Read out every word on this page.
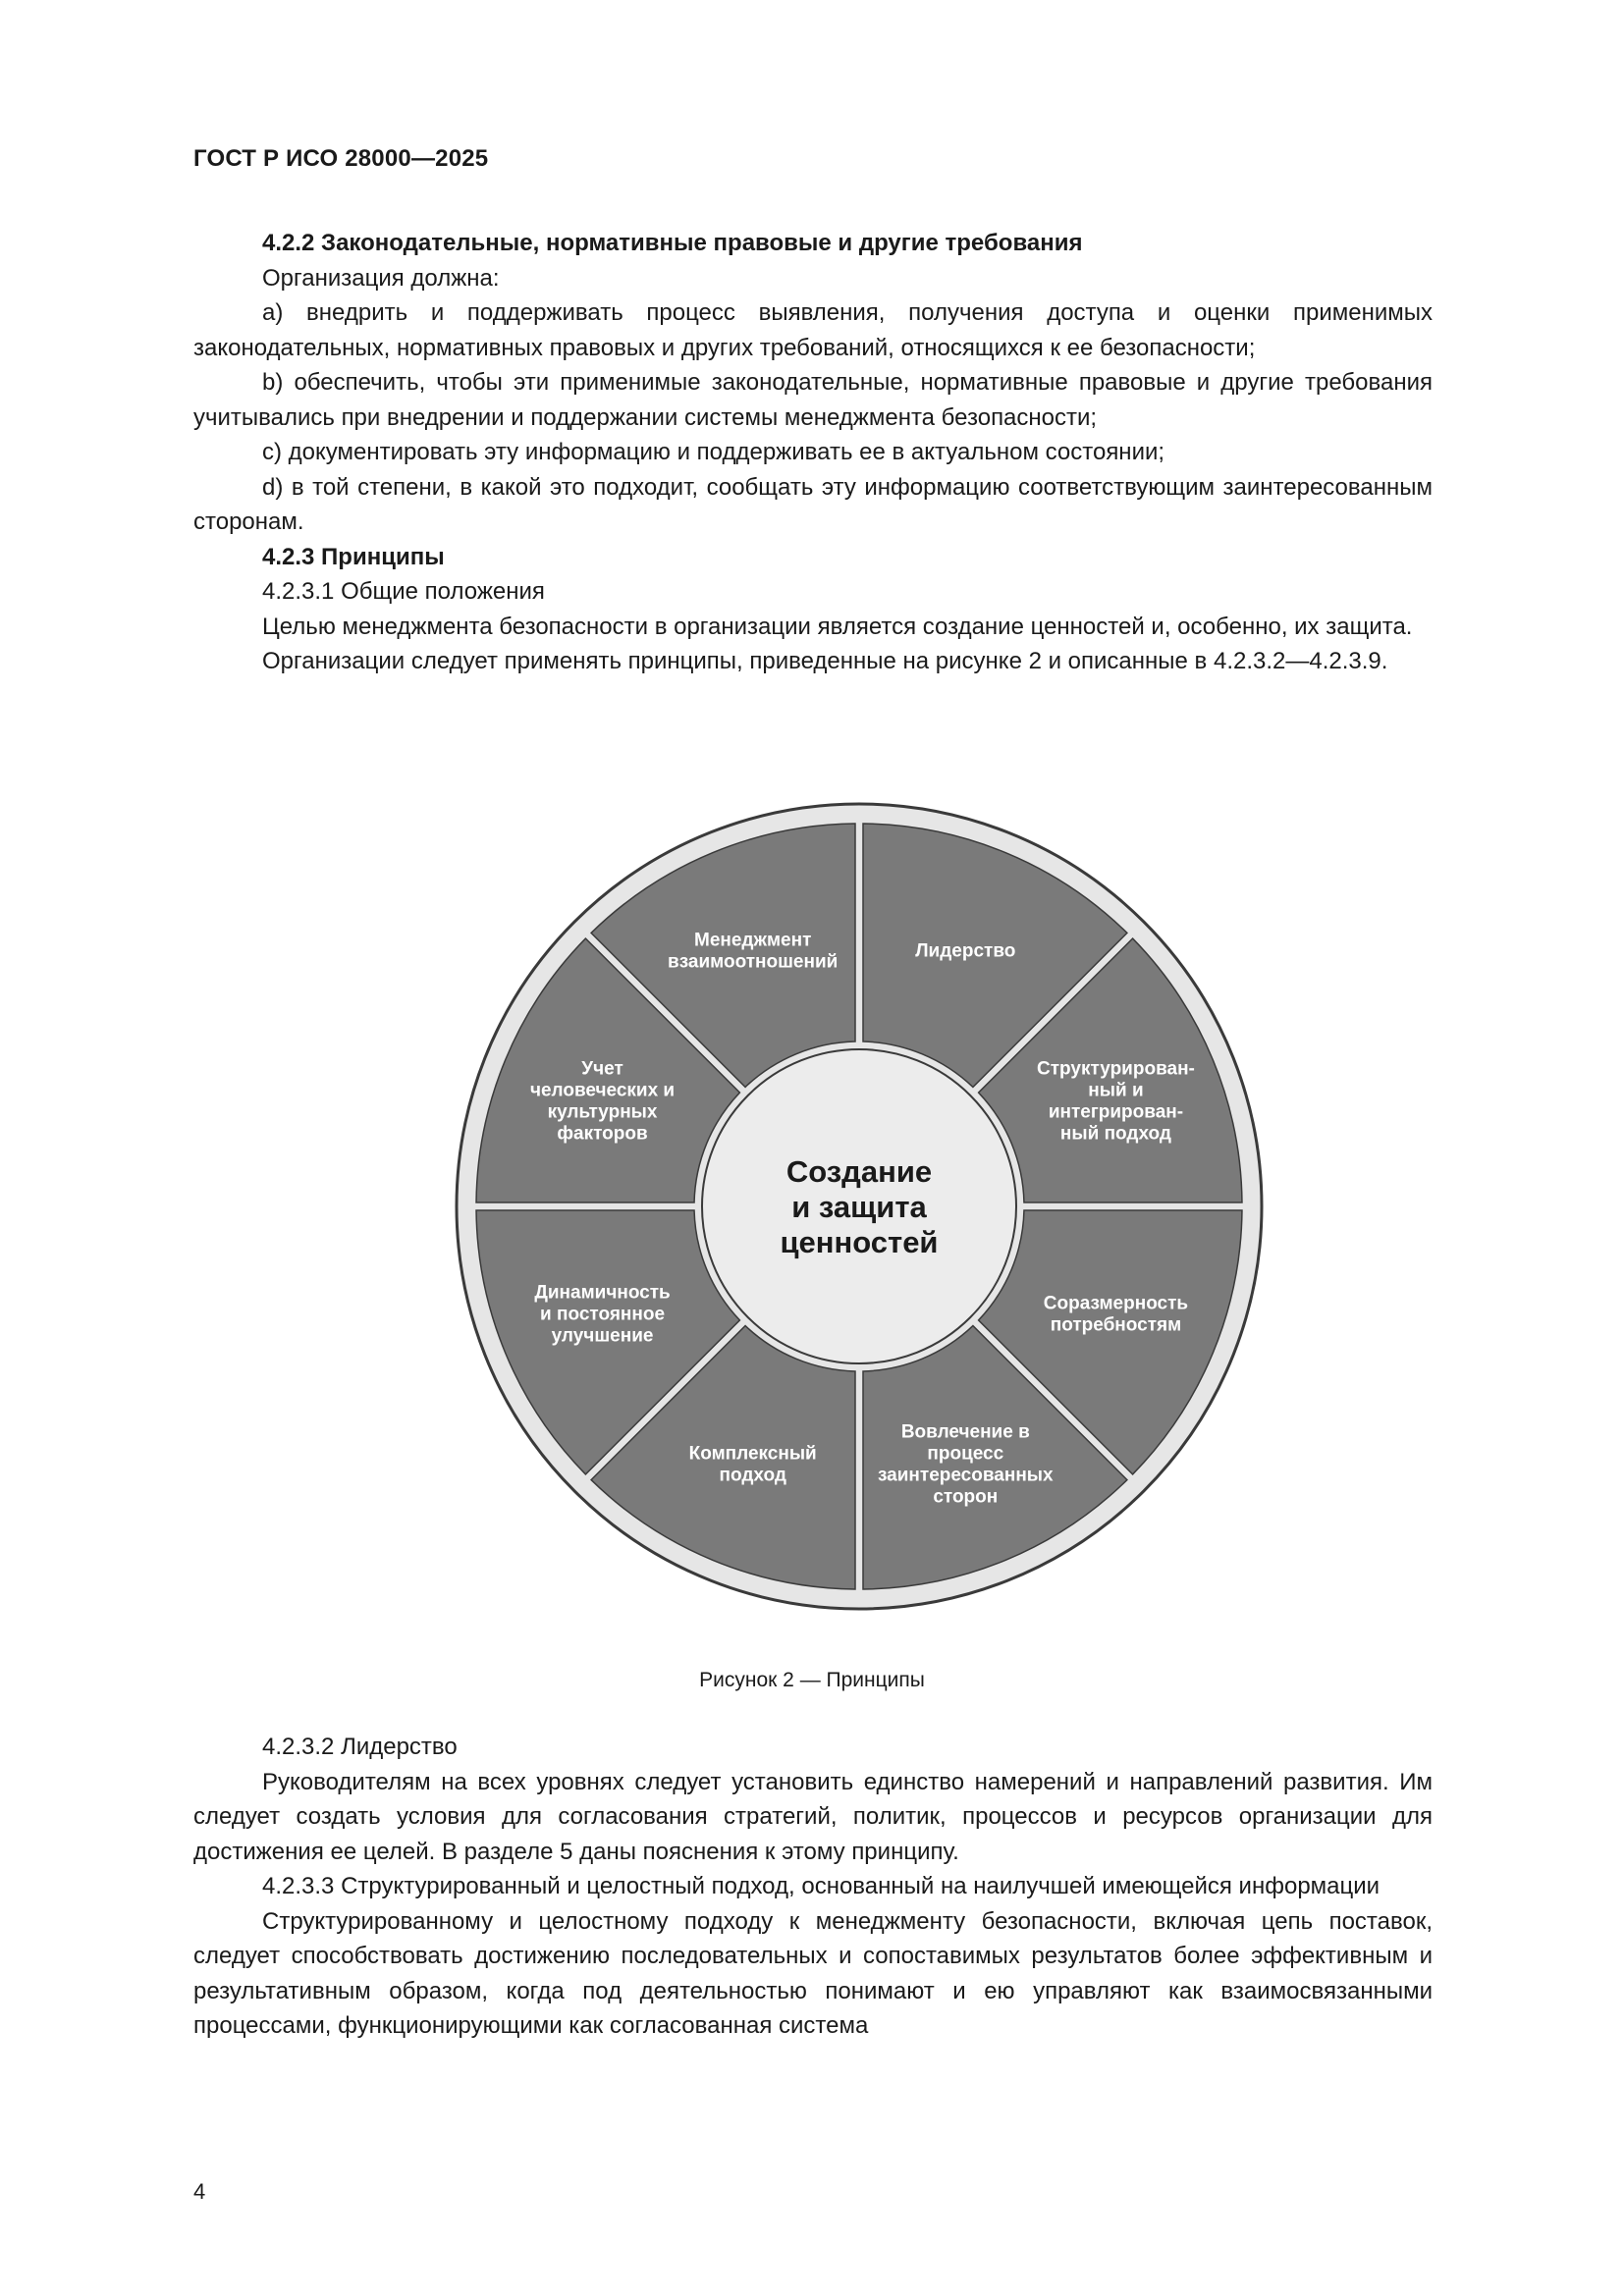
ГОСТ Р ИСО 28000—2025

4.2.2 Законодательные, нормативные правовые и другие требования

Организация должна:

а) внедрить и поддерживать процесс выявления, получения доступа и оценки применимых законодательных, нормативных правовых и других требований, относящихся к ее безопасности;

b) обеспечить, чтобы эти применимые законодательные, нормативные правовые и другие требования учитывались при внедрении и поддержании системы менеджмента безопасности;

с) документировать эту информацию и поддерживать ее в актуальном состоянии;

d) в той степени, в какой это подходит, сообщать эту информацию соответствующим заинтересованным сторонам.

4.2.3 Принципы

4.2.3.1 Общие положения

Целью менеджмента безопасности в организации является создание ценностей и, особенно, их защита.

Организации следует применять принципы, приведенные на рисунке 2 и описанные в 4.2.3.2—4.2.3.9.

Лидерство
Структурирован-ный и интегрирован-ный подход
Соразмерность потребностям
Вовлечение в процесс заинтересованных сторон
Комплексный подход
Динамичность и постоянное улучшение
Учет человеческих и культурных факторов
Менеджмент взаимоотношений
Создание и защита ценностей
Рисунок 2 — Принципы

4.2.3.2 Лидерство

Руководителям на всех уровнях следует установить единство намерений и направлений развития. Им следует создать условия для согласования стратегий, политик, процессов и ресурсов организации для достижения ее целей. В разделе 5 даны пояснения к этому принципу.

4.2.3.3 Структурированный и целостный подход, основанный на наилучшей имеющейся информации

Структурированному и целостному подходу к менеджменту безопасности, включая цепь поставок, следует способствовать достижению последовательных и сопоставимых результатов более эффективным и результативным образом, когда под деятельностью понимают и ею управляют как взаимосвязанными процессами, функционирующими как согласованная система

4
